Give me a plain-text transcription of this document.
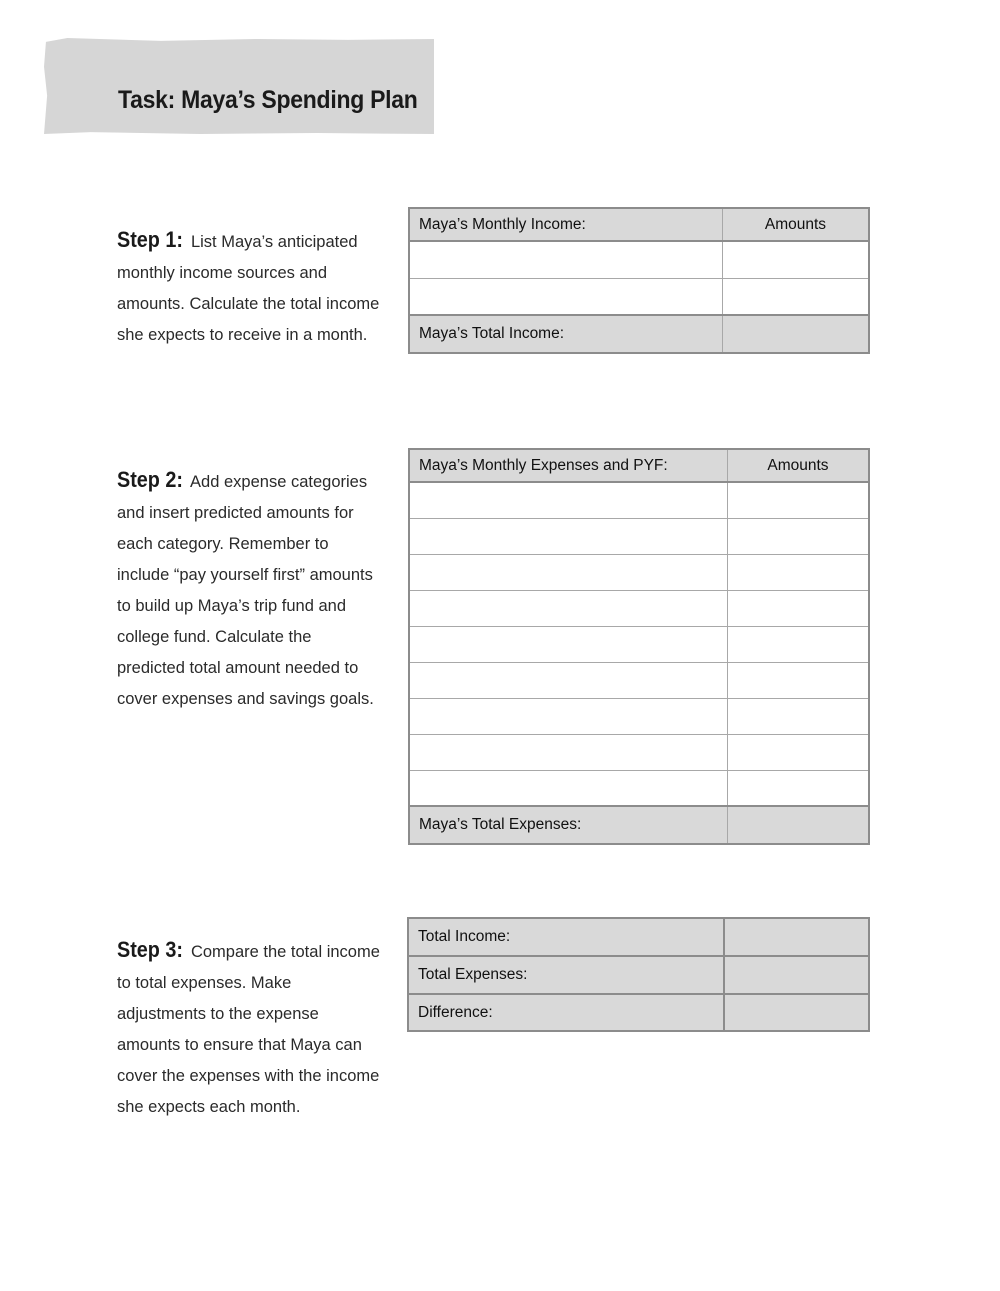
Task: Maya’s Spending Plan
Step 1: List Maya’s anticipated monthly income sources and amounts. Calculate the total income she expects to receive in a month.
Maya’s Monthly Income:	Amounts

Maya’s Total Income:	
Step 2: Add expense categories and insert predicted amounts for each category. Remember to include “pay yourself first” amounts to build up Maya’s trip fund and college fund. Calculate the predicted total amount needed to cover expenses and savings goals.
Maya’s Monthly Expenses and PYF:	Amounts

Maya’s Total Expenses:	
Step 3: Compare the total income to total expenses. Make adjustments to the expense amounts to ensure that Maya can cover the expenses with the income she expects each month.
Total Income:	
Total Expenses:	
Difference:	
